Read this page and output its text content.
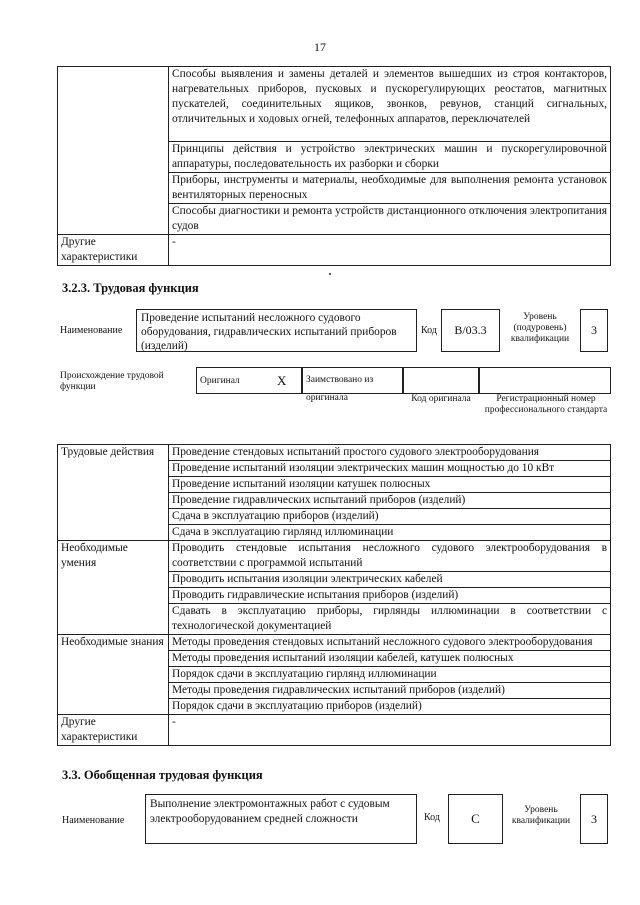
17
	Способы выявления и замены деталей и элементов вышедших из строя контакторов, нагревательных приборов, пусковых и пускорегулирующих реостатов, магнитных пускателей, соединительных ящиков, звонков, ревунов, станций сигнальных, отличительных и ходовых огней, телефонных аппаратов, переключателей
	Принципы действия и устройство электрических машин и пускорегулировочной аппаратуры, последовательность их разборки и сборки
	Приборы, инструменты и материалы, необходимые для выполнения ремонта установок вентиляторных переносных
	Способы диагностики и ремонта устройств дистанционного отключения электропитания судов
Другие характеристики	-
3.2.3. Трудовая функция
Наименование
Проведение испытаний несложного судового оборудования, гидравлических испытаний приборов (изделий)
Код	B/03.3
Уровень (подуровень) квалификации
3
Происхождение трудовой функции
Оригинал	X	Заимствовано из оригинала	Код оригинала	Регистрационный номер профессионального стандарта
Трудовые действия	Проведение стендовых испытаний простого судового электрооборудования
	Проведение испытаний изоляции электрических машин мощностью до 10 кВт
	Проведение испытаний изоляции катушек полюсных
	Проведение гидравлических испытаний приборов (изделий)
	Сдача в эксплуатацию приборов (изделий)
	Сдача в эксплуатацию гирлянд иллюминации
Необходимые умения	Проводить стендовые испытания несложного судового электрооборудования в соответствии с программой испытаний
	Проводить испытания изоляции электрических кабелей
	Проводить гидравлические испытания приборов (изделий)
	Сдавать в эксплуатацию приборы, гирлянды иллюминации в соответствии с технологической документацией
Необходимые знания	Методы проведения стендовых испытаний несложного судового электрооборудования
	Методы проведения испытаний изоляции кабелей, катушек полюсных
	Порядок сдачи в эксплуатацию гирлянд иллюминации
	Методы проведения гидравлических испытаний приборов (изделий)
	Порядок сдачи в эксплуатацию приборов (изделий)
Другие характеристики	-
3.3. Обобщенная трудовая функция
Наименование
Выполнение электромонтажных работ с судовым электрооборудованием средней сложности	Код	C
Уровень квалификации	3
